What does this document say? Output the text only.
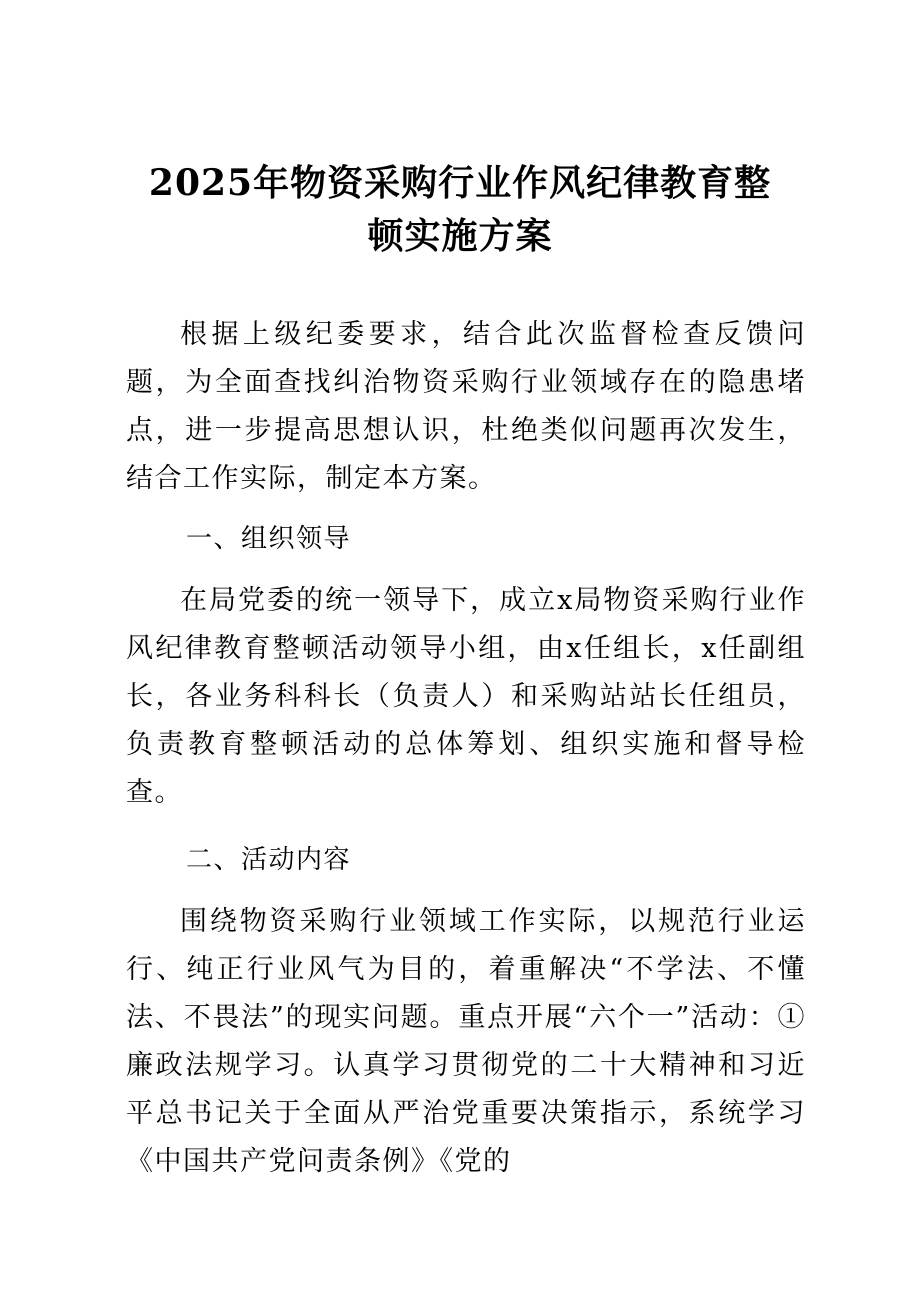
2025年物资采购行业作风纪律教育整
顿实施方案

根据上级纪委要求，结合此次监督检查反馈问题，为全面查找纠治物资采购行业领域存在的隐患堵点，进一步提高思想认识，杜绝类似问题再次发生，结合工作实际，制定本方案。

一、组织领导

在局党委的统一领导下，成立x局物资采购行业作风纪律教育整顿活动领导小组，由x任组长，x任副组长，各业务科科长（负责人）和采购站站长任组员，负责教育整顿活动的总体筹划、组织实施和督导检查。

二、活动内容

围绕物资采购行业领域工作实际，以规范行业运行、纯正行业风气为目的，着重解决“不学法、不懂法、不畏法”的现实问题。重点开展“六个一”活动：①廉政法规学习。认真学习贯彻党的二十大精神和习近平总书记关于全面从严治党重要决策指示，系统学习《中国共产党问责条例》《党的
